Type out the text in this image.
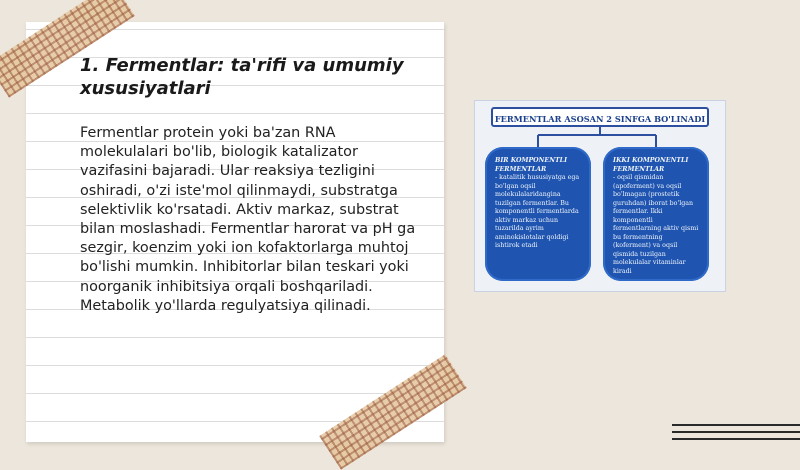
1. Fermentlar: ta'rifi va umumiy xususiyatlari

Fermentlar protein yoki ba'zan RNA molekulalari bo'lib, biologik katalizator vazifasini bajaradi. Ular reaksiya tezligini oshiradi, o'zi iste'mol qilinmaydi, substratga selektivlik ko'rsatadi. Aktiv markaz, substrat bilan moslashadi. Fermentlar harorat va pH ga sezgir, koenzim yoki ion kofaktorlarga muhtoj bo'lishi mumkin. Inhibitorlar bilan teskari yoki noorganik inhibitsiya orqali boshqariladi. Metabolik yo'llarda regulyatsiya qilinadi.

FERMENTLAR ASOSAN 2 SINFGA BO'LINADI
BIR KOMPONENTLI FERMENTLAR
- katalitik hususiyatga ega bo'lgan oqsil molekulalaridangina tuzilgan fermentlar. Bu komponentli fermentlarda aktiv markaz uchun tuzarilda ayrim aminokislotalar qoldigi ishtirok etadi
IKKI KOMPONENTLI FERMENTLAR
- oqsil qismidan (apoferment) va oqsil bo'lmagan (prostetik guruhdan) iborat bo'lgan fermentlar. Ikki komponentli fermentlarning aktiv qismi bu fermentning (koferment) va oqsil qismida tuzilgan molekulalar vitaminlar kiradi
